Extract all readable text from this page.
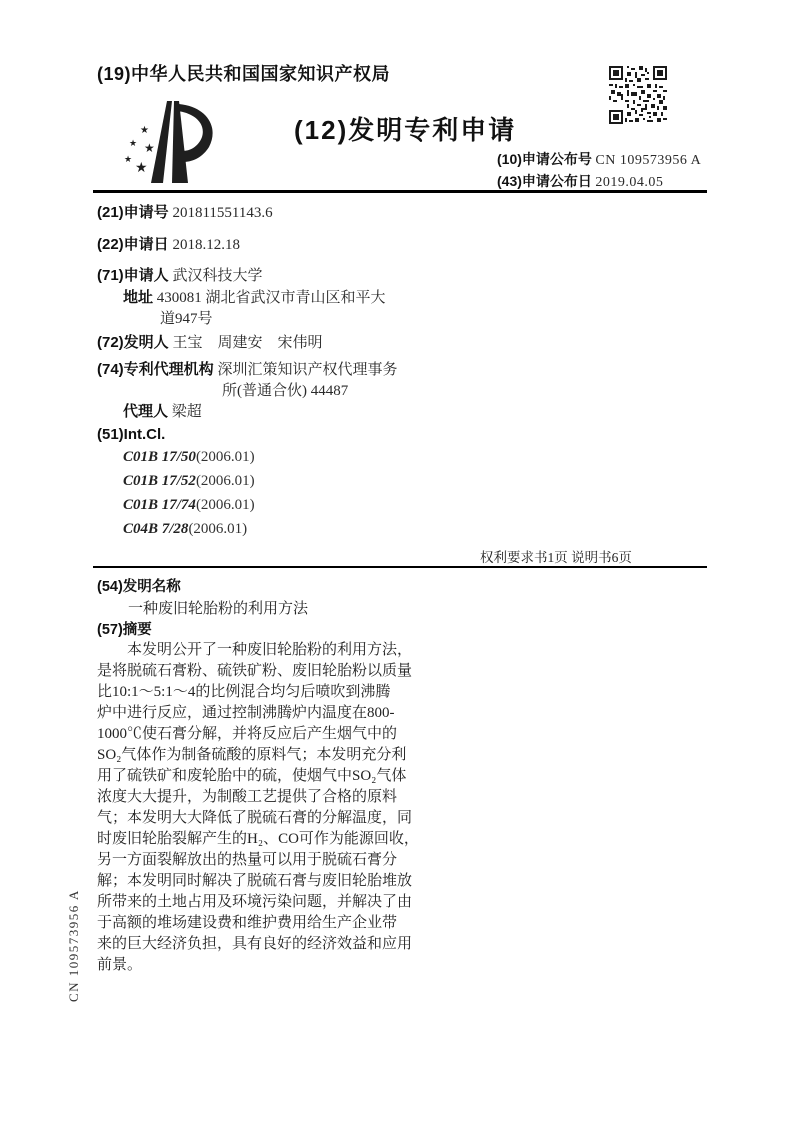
(19)中华人民共和国国家知识产权局
★
★ ★
★ ★
(12)发明专利申请
(10)申请公布号 CN 109573956 A
(43)申请公布日 2019.04.05
(21)申请号 201811551143.6
(22)申请日 2018.12.18
(71)申请人 武汉科技大学
地址 430081 湖北省武汉市青山区和平大
道947号
(72)发明人 王宝　周建安　宋伟明
(74)专利代理机构 深圳汇策知识产权代理事务
所(普通合伙) 44487
代理人 梁超
(51)Int.Cl.
C01B 17/50(2006.01)
C01B 17/52(2006.01)
C01B 17/74(2006.01)
C04B 7/28(2006.01)
权利要求书1页 说明书6页
(54)发明名称
一种废旧轮胎粉的利用方法
(57)摘要
本发明公开了一种废旧轮胎粉的利用方法，
是将脱硫石膏粉、硫铁矿粉、废旧轮胎粉以质量
比10:1～5:1～4的比例混合均匀后喷吹到沸腾
炉中进行反应，通过控制沸腾炉内温度在800-
1000℃使石膏分解，并将反应后产生烟气中的
SO₂气体作为制备硫酸的原料气；本发明充分利
用了硫铁矿和废轮胎中的硫，使烟气中SO₂气体
浓度大大提升，为制酸工艺提供了合格的原料
气；本发明大大降低了脱硫石膏的分解温度，同
时废旧轮胎裂解产生的H₂、CO可作为能源回收，
另一方面裂解放出的热量可以用于脱硫石膏分
解；本发明同时解决了脱硫石膏与废旧轮胎堆放
所带来的土地占用及环境污染问题，并解决了由
于高额的堆场建设费和维护费用给生产企业带
来的巨大经济负担，具有良好的经济效益和应用
前景。
CN 109573956 A
